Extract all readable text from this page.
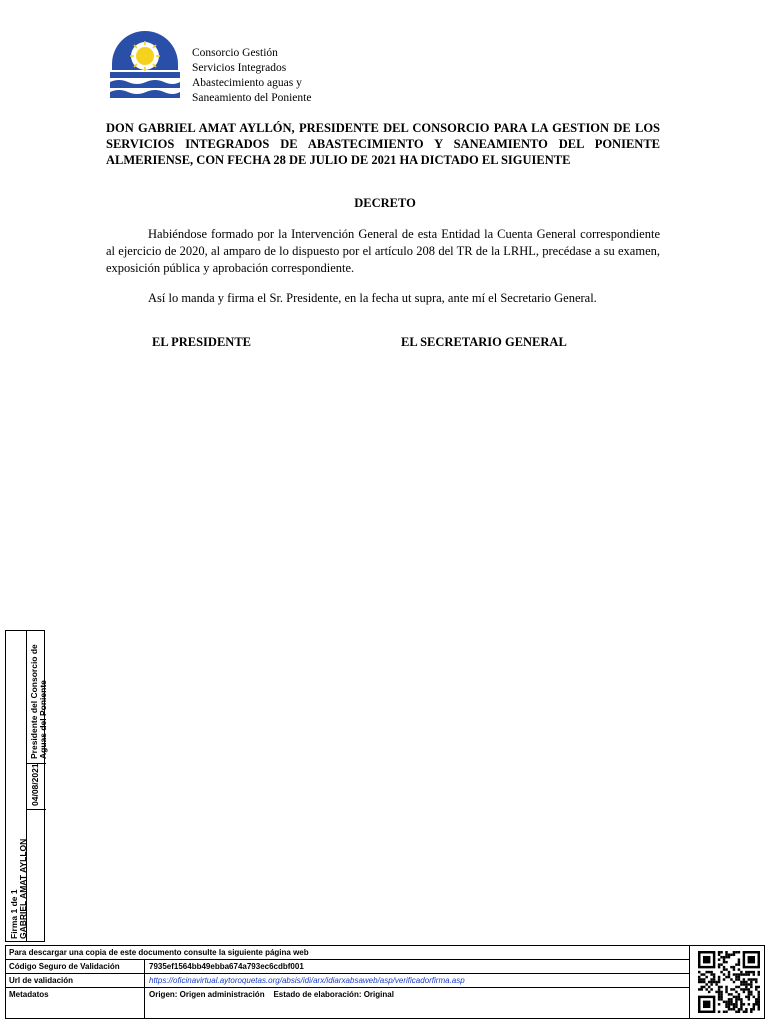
Consorcio Gestión
Servicios Integrados
Abastecimiento aguas y
Saneamiento del Poniente
DON GABRIEL AMAT AYLLÓN, PRESIDENTE DEL CONSORCIO PARA LA GESTION DE LOS SERVICIOS INTEGRADOS DE ABASTECIMIENTO Y SANEAMIENTO DEL PONIENTE ALMERIENSE, CON FECHA 28 DE JULIO DE 2021 HA DICTADO EL SIGUIENTE
DECRETO
Habiéndose formado por la Intervención General de esta Entidad la Cuenta General correspondiente al ejercicio de 2020, al amparo de lo dispuesto por el artículo 208 del TR de la LRHL, precédase a su examen, exposición pública y aprobación correspondiente.
Así lo manda y firma el Sr. Presidente, en la fecha ut supra, ante mí el Secretario General.
EL PRESIDENTE	EL SECRETARIO GENERAL
Firma 1 de 1 GABRIEL AMAT AYLLON
04/08/2021
Presidente del Consorcio de Aguas del Poniente
Para descargar una copia de este documento consulte la siguiente página web
Código Seguro de Validación	7935ef1564bb49ebba674a793ec6cdbf001
Url de validación	https://oficinavirtual.aytoroquetas.org/absis/idi/arx/idiarxabsaweb/asp/verificadorfirma.asp
Metadatos	Origen: Origen administración Estado de elaboración: Original
